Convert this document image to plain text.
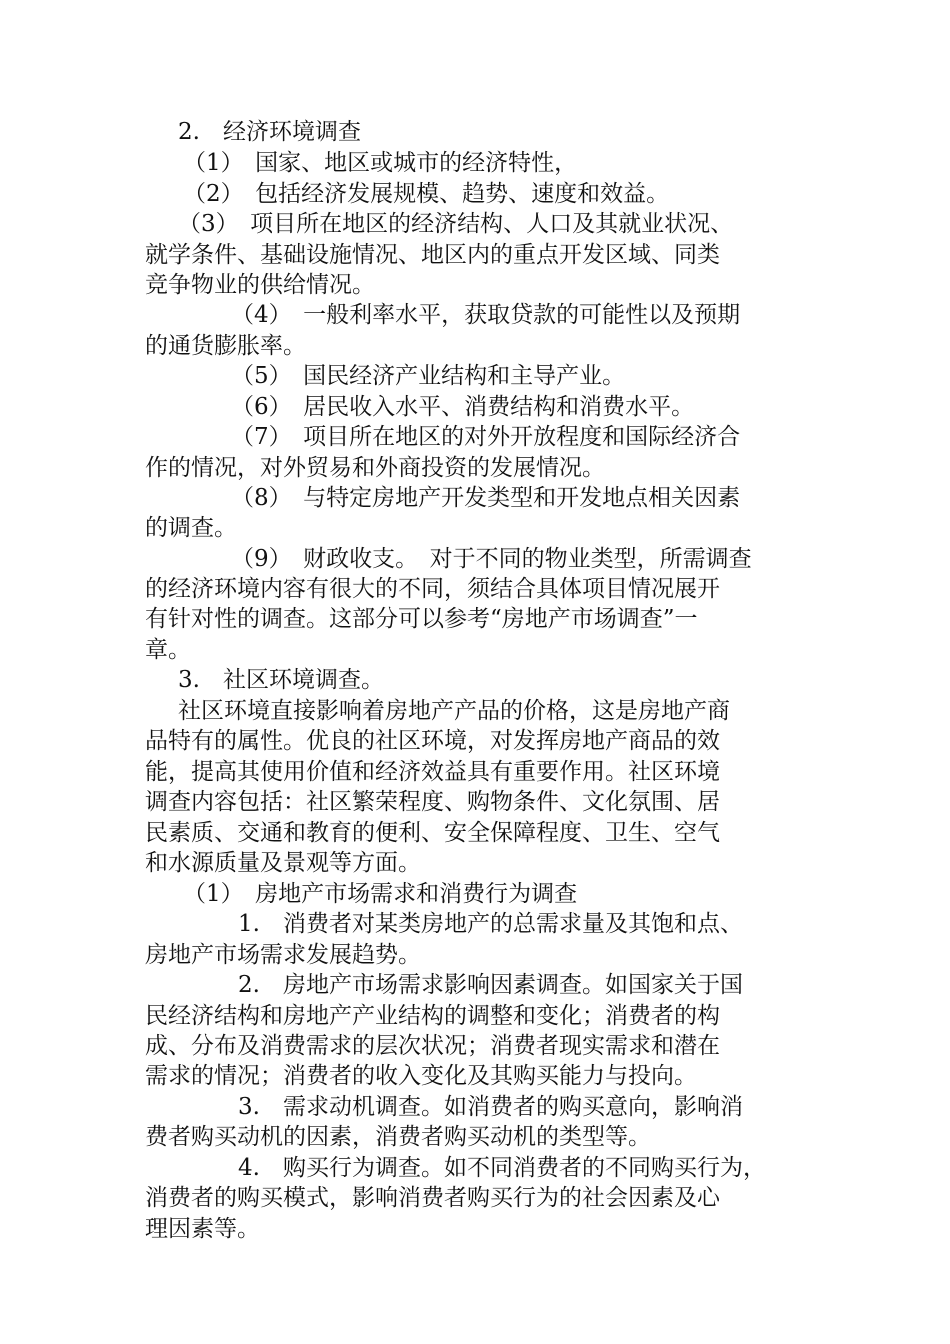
2.　经济环境调查
（1）　国家、地区或城市的经济特性，
（2）　包括经济发展规模、趋势、速度和效益。
（3）　项目所在地区的经济结构、人口及其就业状况、
就学条件、基础设施情况、地区内的重点开发区域、同类
竞争物业的供给情况。
（4）　一般利率水平，获取贷款的可能性以及预期
的通货膨胀率。
（5）　国民经济产业结构和主导产业。
（6）　居民收入水平、消费结构和消费水平。
（7）　项目所在地区的对外开放程度和国际经济合
作的情况，对外贸易和外商投资的发展情况。
（8）　与特定房地产开发类型和开发地点相关因素
的调查。
（9）　财政收支。　对于不同的物业类型，所需调查
的经济环境内容有很大的不同，须结合具体项目情况展开
有针对性的调查。这部分可以参考“房地产市场调查”一
章。
3.　社区环境调查。
社区环境直接影响着房地产产品的价格，这是房地产商
品特有的属性。优良的社区环境，对发挥房地产商品的效
能，提高其使用价值和经济效益具有重要作用。社区环境
调查内容包括：社区繁荣程度、购物条件、文化氛围、居
民素质、交通和教育的便利、安全保障程度、卫生、空气
和水源质量及景观等方面。
（1）　房地产市场需求和消费行为调查
1.　消费者对某类房地产的总需求量及其饱和点、
房地产市场需求发展趋势。
2.　房地产市场需求影响因素调查。如国家关于国
民经济结构和房地产产业结构的调整和变化；消费者的构
成、分布及消费需求的层次状况；消费者现实需求和潜在
需求的情况；消费者的收入变化及其购买能力与投向。
3.　需求动机调查。如消费者的购买意向，影响消
费者购买动机的因素，消费者购买动机的类型等。
4.　购买行为调查。如不同消费者的不同购买行为，
消费者的购买模式，影响消费者购买行为的社会因素及心
理因素等。
